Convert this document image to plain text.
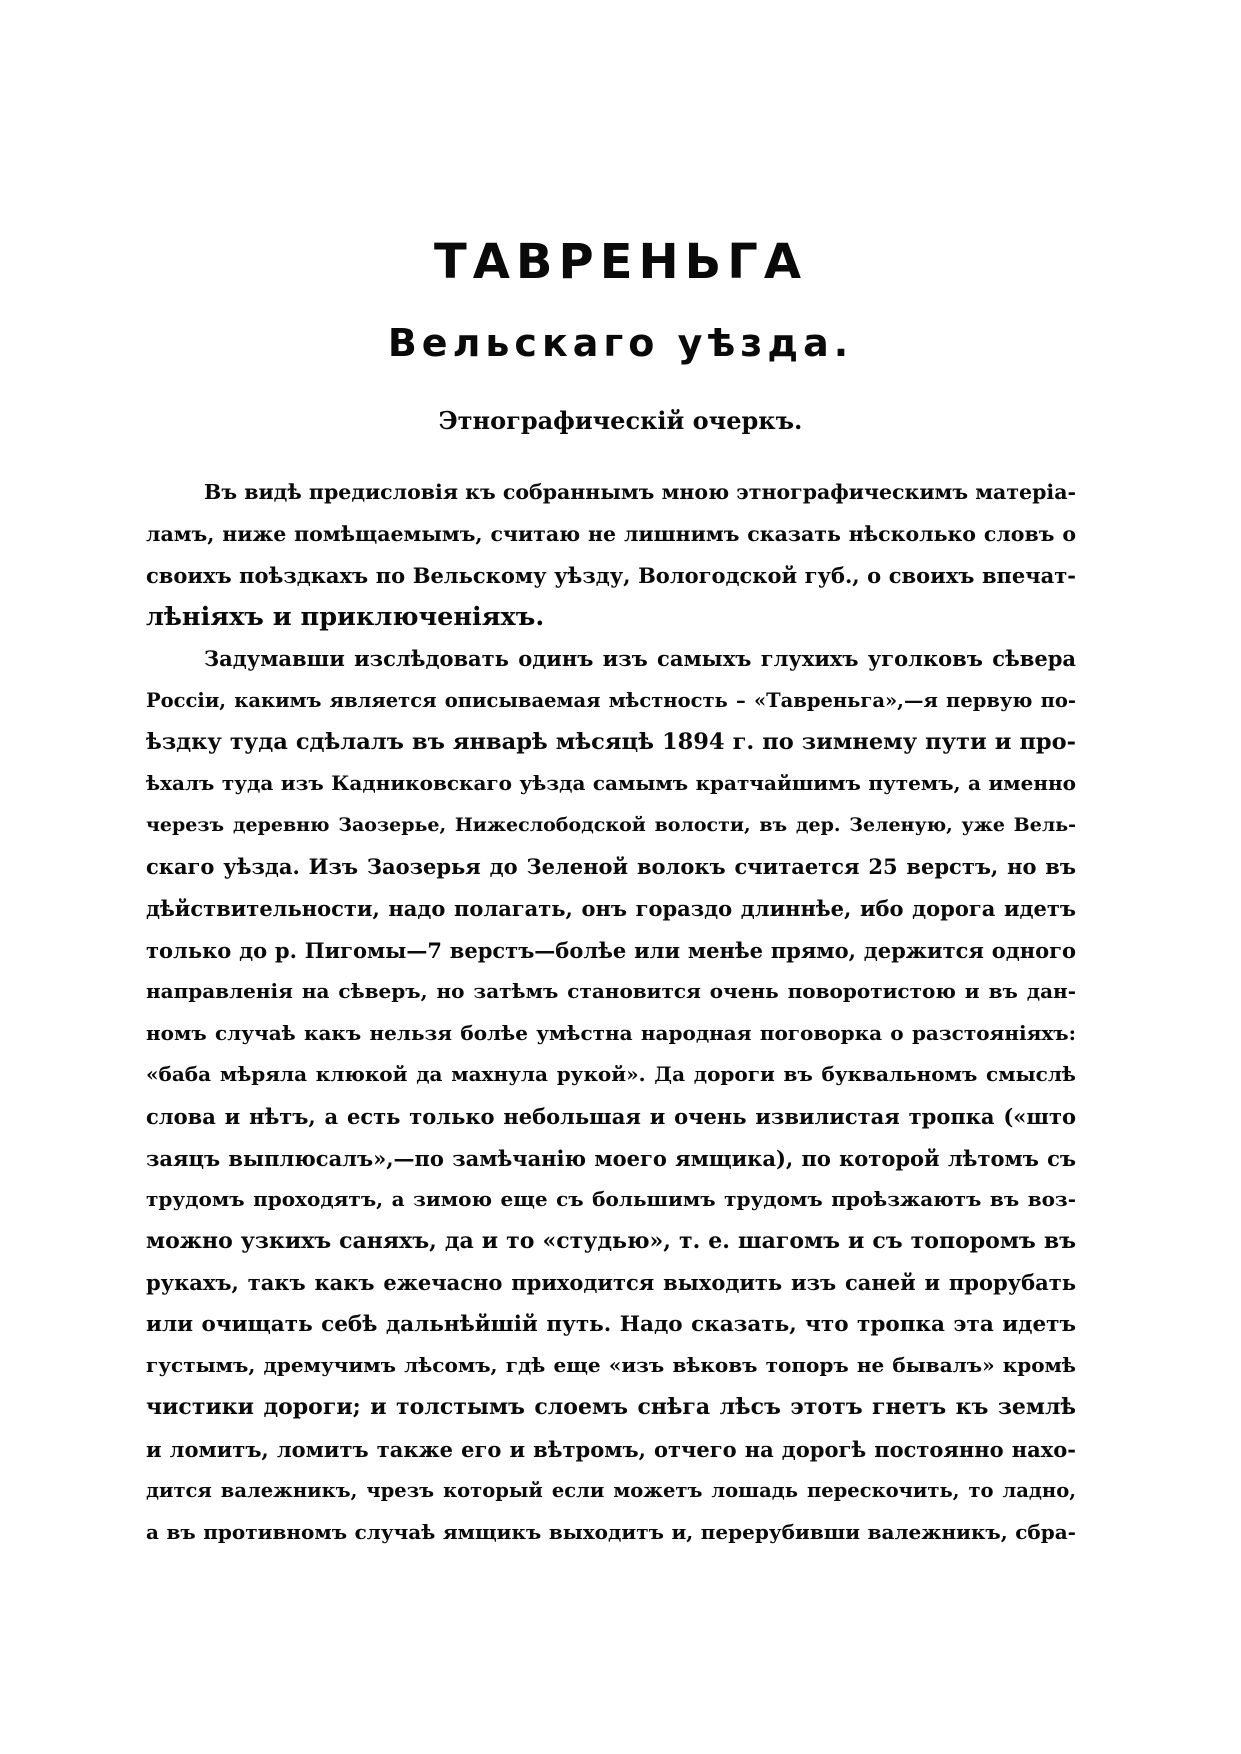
ТАВРЕНЬГА
Вельскаго уѣзда.
Этнографическій очеркъ.
Въ видѣ предисловія къ собраннымъ мною этнографическимъ матеріа-
ламъ, ниже помѣщаемымъ, считаю не лишнимъ сказать нѣсколько словъ о
своихъ поѣздкахъ по Вельскому уѣзду, Вологодской губ., о своихъ впечат-
лѣніяхъ и приключеніяхъ.
Задумавши изслѣдовать одинъ изъ самыхъ глухихъ уголковъ сѣвера
Россіи, какимъ является описываемая мѣстность – «Тавреньга»,—я первую по-
ѣздку туда сдѣлалъ въ январѣ мѣсяцѣ 1894 г. по зимнему пути и про-
ѣхалъ туда изъ Кадниковскаго уѣзда самымъ кратчайшимъ путемъ, а именно
черезъ деревню Заозерье, Нижеслободской волости, въ дер. Зеленую, уже Вель-
скаго уѣзда. Изъ Заозерья до Зеленой волокъ считается 25 верстъ, но въ
дѣйствительности, надо полагать, онъ гораздо длиннѣе, ибо дорога идетъ
только до р. Пигомы—7 верстъ—болѣе или менѣе прямо, держится одного
направленія на сѣверъ, но затѣмъ становится очень поворотистою и въ дан-
номъ случаѣ какъ нельзя болѣе умѣстна народная поговорка о разстояніяхъ:
«баба мѣряла клюкой да махнула рукой». Да дороги въ буквальномъ смыслѣ
слова и нѣтъ, а есть только небольшая и очень извилистая тропка («што
заяцъ выплюсалъ»,—по замѣчанію моего ямщика), по которой лѣтомъ съ
трудомъ проходятъ, а зимою еще съ большимъ трудомъ проѣзжаютъ въ воз-
можно узкихъ саняхъ, да и то «студью», т. е. шагомъ и съ топоромъ въ
рукахъ, такъ какъ ежечасно приходится выходить изъ саней и прорубать
или очищать себѣ дальнѣйшій путь. Надо сказать, что тропка эта идетъ
густымъ, дремучимъ лѣсомъ, гдѣ еще «изъ вѣковъ топоръ не бывалъ» кромѣ
чистики дороги; и толстымъ слоемъ снѣга лѣсъ этотъ гнетъ къ землѣ
и ломитъ, ломитъ также его и вѣтромъ, отчего на дорогѣ постоянно нахо-
дится валежникъ, чрезъ который если можетъ лошадь перескочить, то ладно,
а въ противномъ случаѣ ямщикъ выходитъ и, перерубивши валежникъ, сбра-
